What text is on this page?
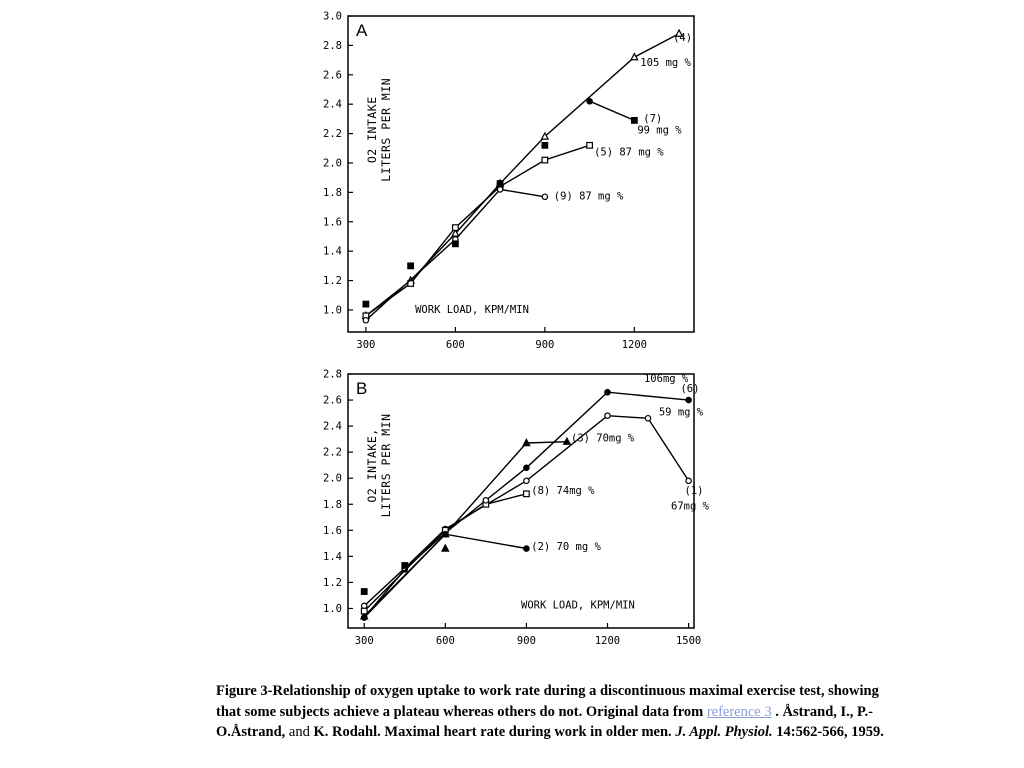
A
1.0
1.2
1.4
1.6
1.8
2.0
2.2
2.4
2.6
2.8
3.0
300	600	900	1200
O2 INTAKELITERS PER MIN
(4)
105 mg %
(7)
99 mg %
(5) 87 mg %
(9) 87 mg %
WORK LOAD, KPM/MIN
B
1.0
1.2
1.4
1.6
1.8
2.0
2.2
2.4
2.6
2.8
300	600	900	1200	1500
O2 INTAKE,LITERS PER MIN
106mg %
(6)
59 mg %
(3) 70mg %
(8) 74mg %	(1)
67mg %
(2) 70 mg %
WORK LOAD, KPM/MIN

Figure 3-Relationship of oxygen uptake to work rate during a discontinuous maximal exercise test, showing that some subjects achieve a plateau whereas others do not. Original data from reference 3 . Åstrand, I., P.-O.Åstrand, and K. Rodahl. Maximal heart rate during work in older men. J. Appl. Physiol. 14:562-566, 1959.
